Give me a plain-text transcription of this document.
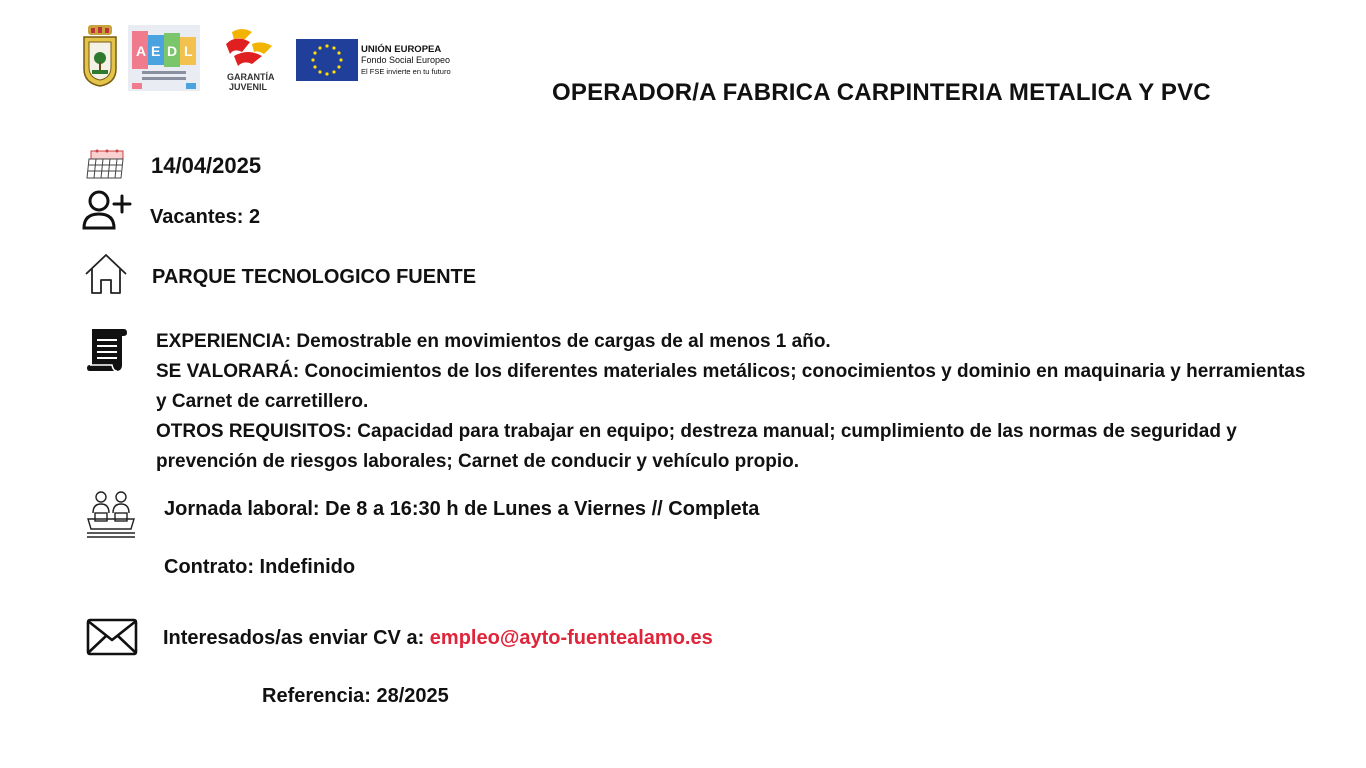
A E D L
GARANTÍA
JUVENIL
UNIÓN EUROPEA
Fondo Social Europeo
El FSE invierte en tu futuro
OPERADOR/A FABRICA CARPINTERIA METALICA Y PVC
14/04/2025
Vacantes: 2
PARQUE TECNOLOGICO FUENTE

EXPERIENCIA: Demostrable en movimientos de cargas de al menos 1 año.

SE VALORARÁ: Conocimientos de los diferentes materiales metálicos; conocimientos y dominio en maquinaria y herramientas y Carnet de carretillero.

OTROS REQUISITOS: Capacidad para trabajar en equipo; destreza manual; cumplimiento de las normas de seguridad y prevención de riesgos laborales; Carnet de conducir y vehículo propio.

Jornada laboral: De 8 a 16:30 h de Lunes a Viernes // Completa
Contrato: Indefinido
Interesados/as enviar CV a: empleo@ayto-fuentealamo.es
Referencia: 28/2025
